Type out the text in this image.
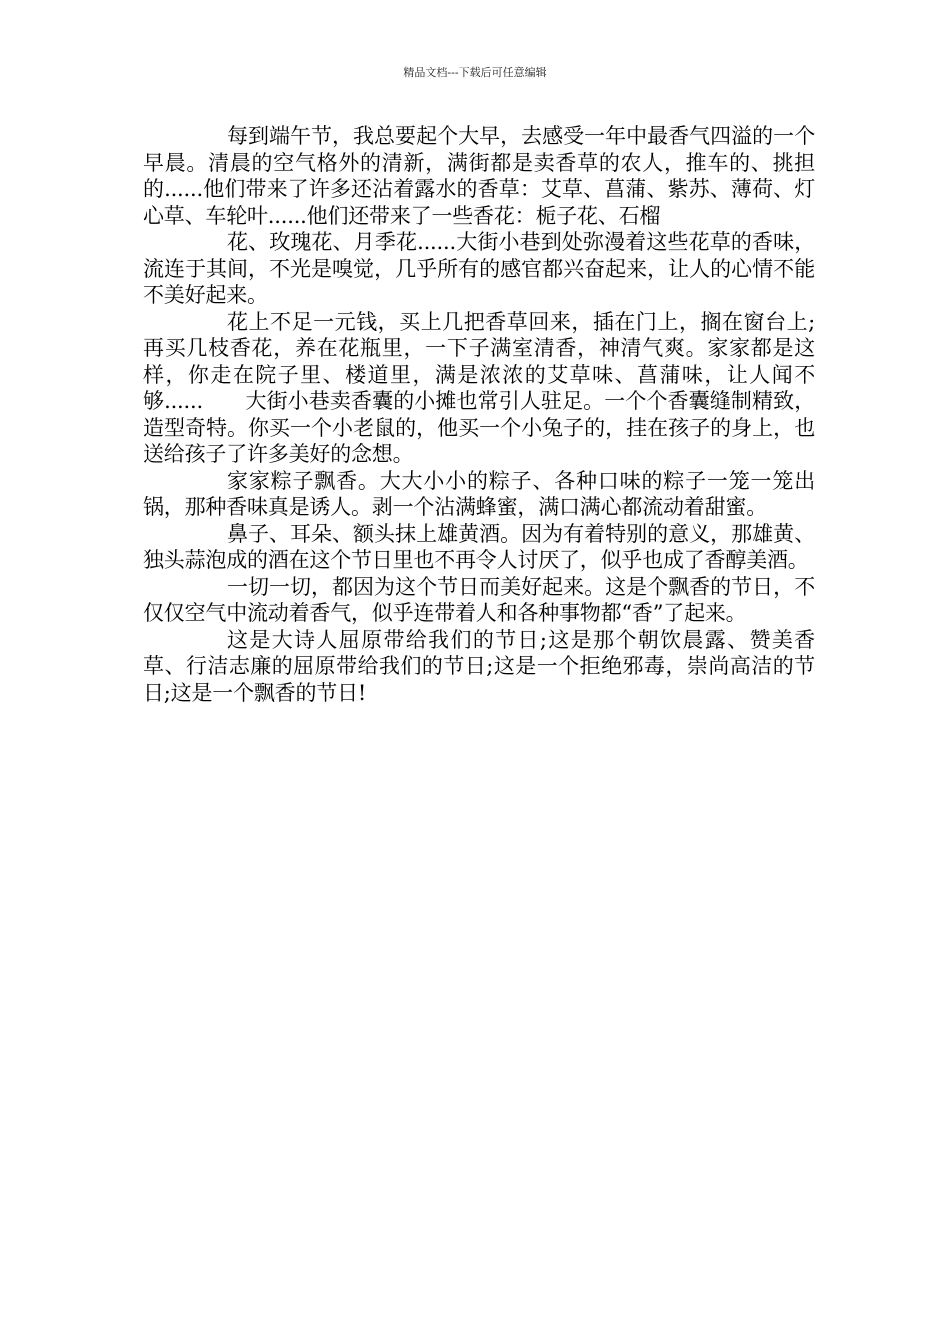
精品文档---下载后可任意编辑

每到端午节，我总要起个大早，去感受一年中最香气四溢的一个早晨。清晨的空气格外的清新，满街都是卖香草的农人，推车的、挑担的......他们带来了许多还沾着露水的香草：艾草、菖蒲、紫苏、薄荷、灯心草、车轮叶......他们还带来了一些香花：栀子花、石榴

花、玫瑰花、月季花......大街小巷到处弥漫着这些花草的香味，流连于其间，不光是嗅觉，几乎所有的感官都兴奋起来，让人的心情不能不美好起来。

花上不足一元钱，买上几把香草回来，插在门上，搁在窗台上;再买几枝香花，养在花瓶里，一下子满室清香，神清气爽。家家都是这样，你走在院子里、楼道里，满是浓浓的艾草味、菖蒲味，让人闻不够......　　大街小巷卖香囊的小摊也常引人驻足。一个个香囊缝制精致，造型奇特。你买一个小老鼠的，他买一个小兔子的，挂在孩子的身上，也送给孩子了许多美好的念想。

家家粽子飘香。大大小小的粽子、各种口味的粽子一笼一笼出锅，那种香味真是诱人。剥一个沾满蜂蜜，满口满心都流动着甜蜜。

鼻子、耳朵、额头抹上雄黄酒。因为有着特别的意义，那雄黄、独头蒜泡成的酒在这个节日里也不再令人讨厌了，似乎也成了香醇美酒。

一切一切，都因为这个节日而美好起来。这是个飘香的节日，不仅仅空气中流动着香气，似乎连带着人和各种事物都“香”了起来。

这是大诗人屈原带给我们的节日;这是那个朝饮晨露、赞美香草、行洁志廉的屈原带给我们的节日;这是一个拒绝邪毒，崇尚高洁的节日;这是一个飘香的节日!
